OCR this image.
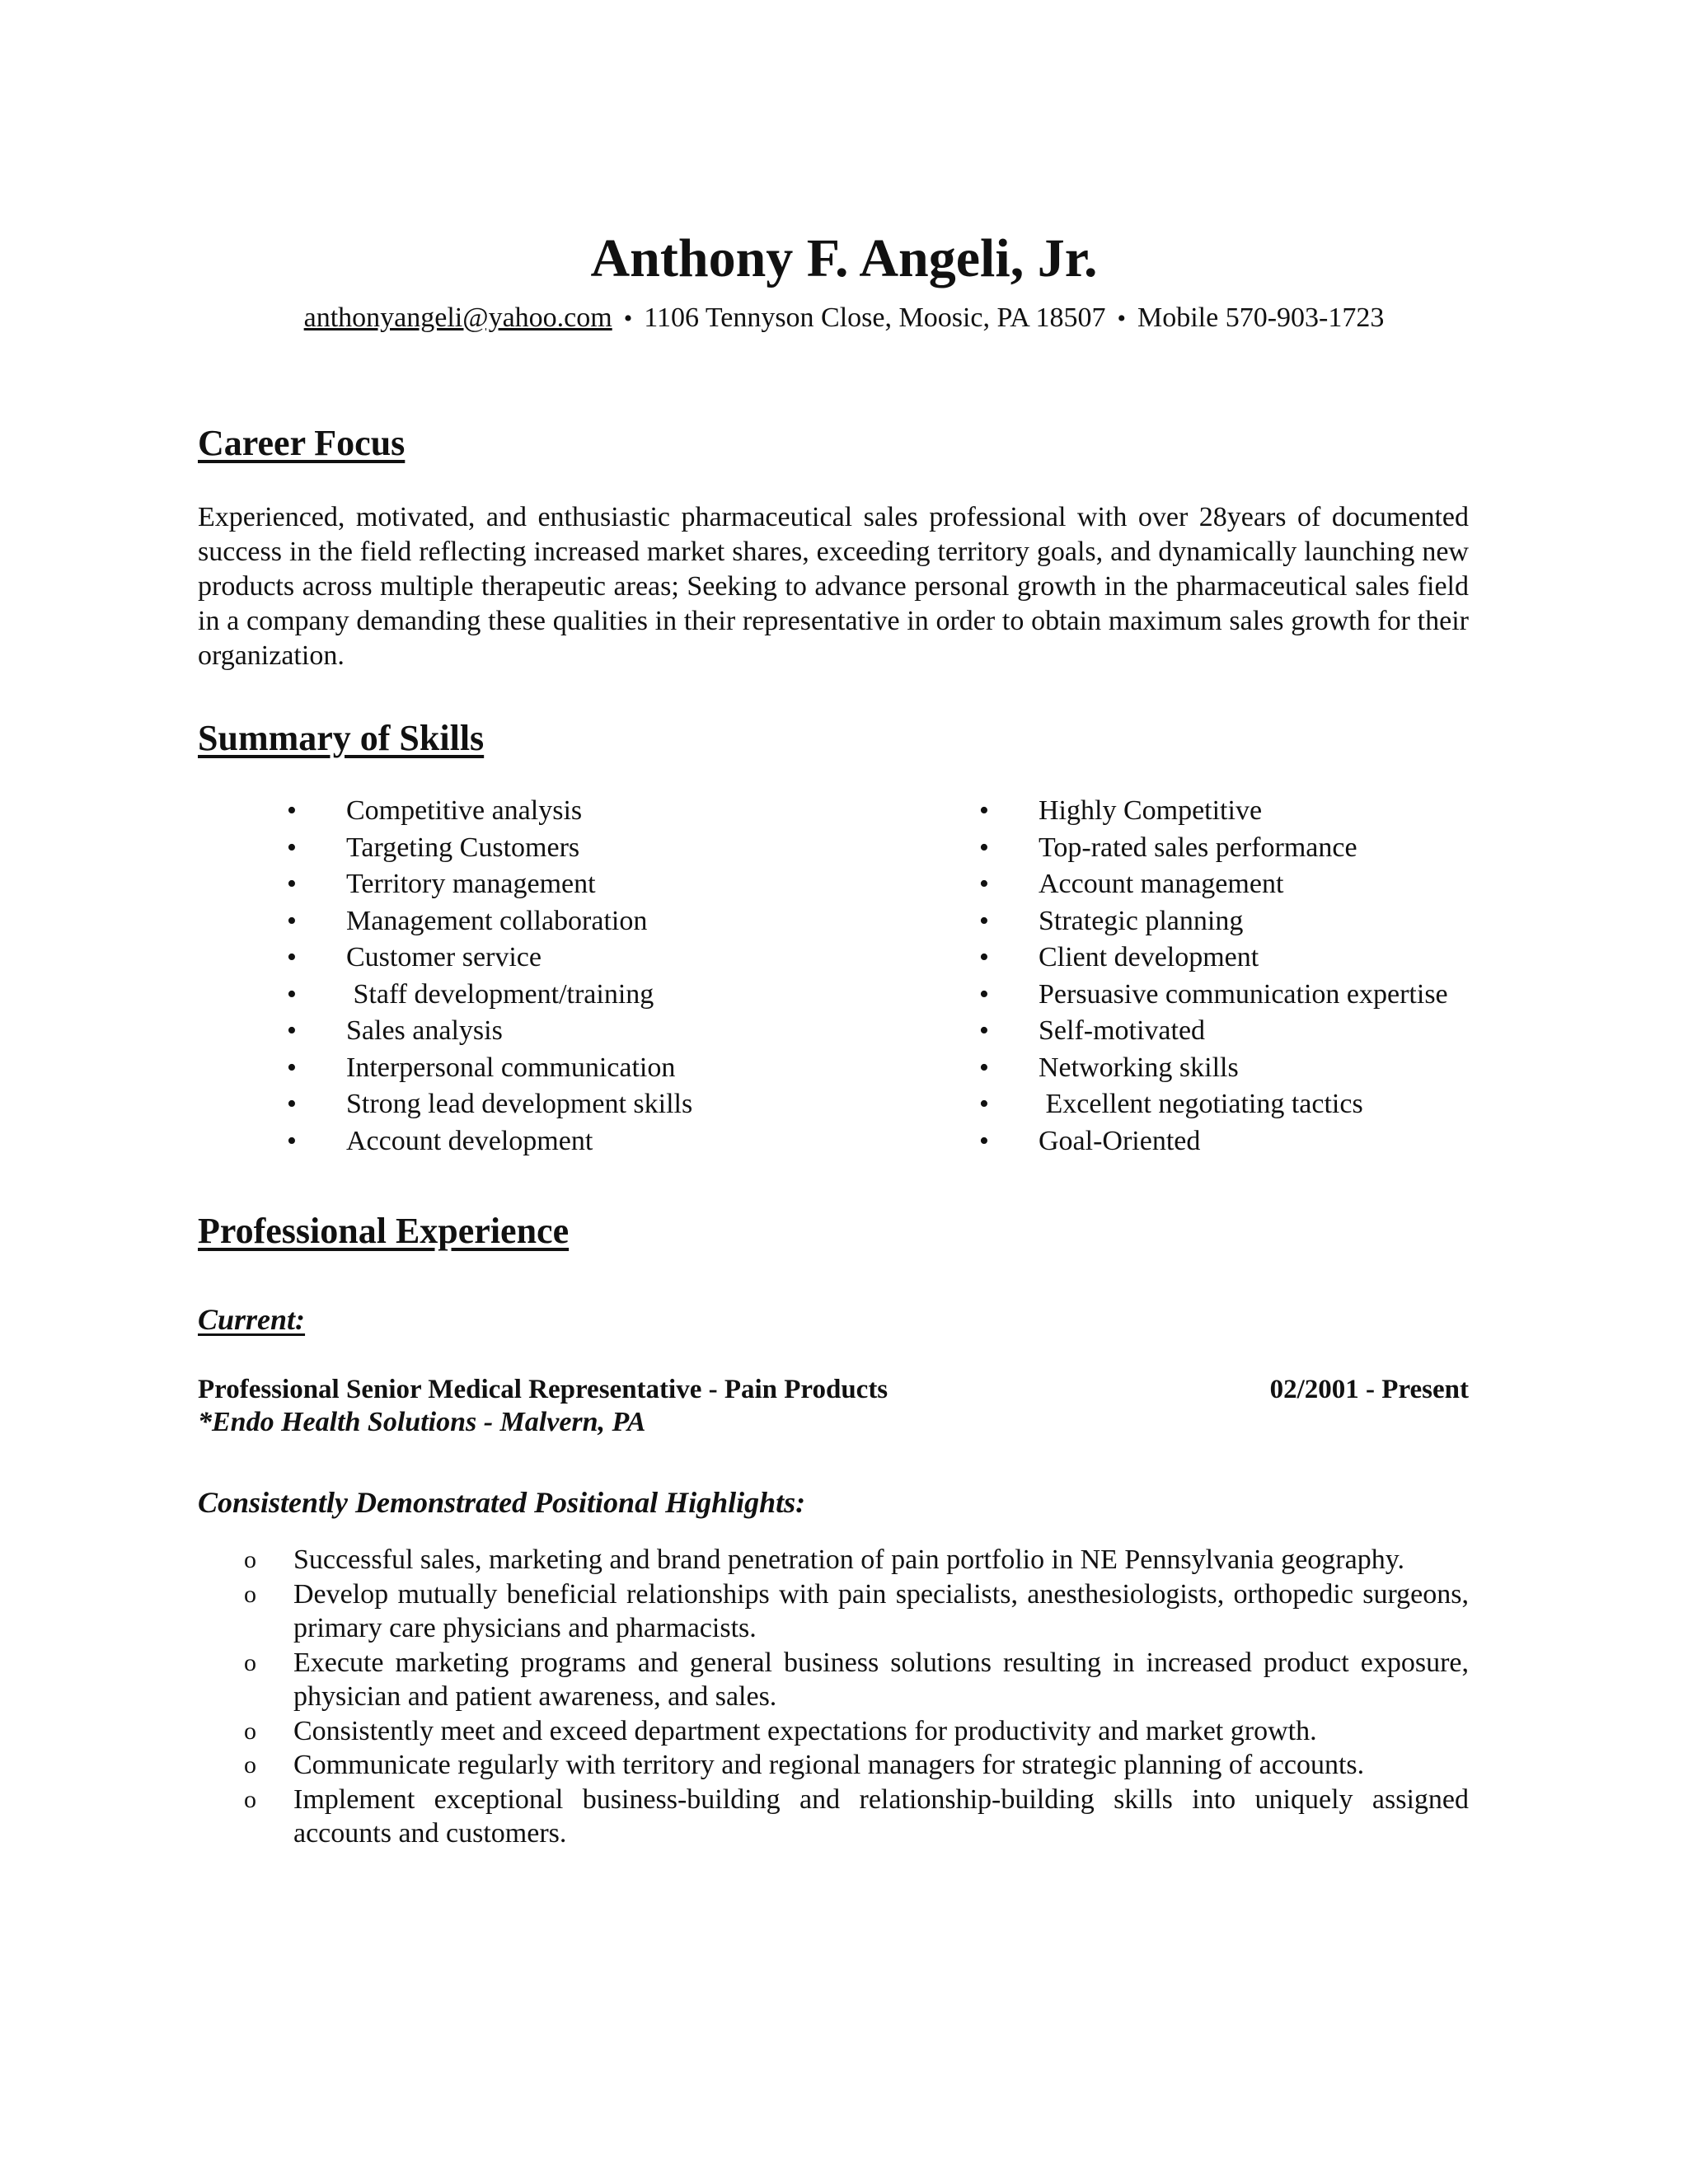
Anthony F. Angeli, Jr.
anthonyangeli@yahoo.com • 1106 Tennyson Close, Moosic, PA 18507 • Mobile 570-903-1723
Career Focus
Experienced, motivated, and enthusiastic pharmaceutical sales professional with over 28years of documented success in the field reflecting increased market shares, exceeding territory goals, and dynamically launching new products across multiple therapeutic areas; Seeking to advance personal growth in the pharmaceutical sales field in a company demanding these qualities in their representative in order to obtain maximum sales growth for their organization.
Summary of Skills
• Competitive analysis
• Targeting Customers
• Territory management
• Management collaboration
• Customer service
•  Staff development/training
• Sales analysis
• Interpersonal communication
• Strong lead development skills
• Account development
• Highly Competitive
• Top-rated sales performance
• Account management
• Strategic planning
• Client development
• Persuasive communication expertise
• Self-motivated
• Networking skills
•  Excellent negotiating tactics
• Goal-Oriented
Professional Experience
Current:
Professional Senior Medical Representative - Pain Products	02/2001 - Present
*Endo Health Solutions - Malvern, PA
Consistently Demonstrated Positional Highlights:
o Successful sales, marketing and brand penetration of pain portfolio in NE Pennsylvania geography.
o Develop mutually beneficial relationships with pain specialists, anesthesiologists, orthopedic surgeons, primary care physicians and pharmacists.
o Execute marketing programs and general business solutions resulting in increased product exposure, physician and patient awareness, and sales.
o Consistently meet and exceed department expectations for productivity and market growth.
o Communicate regularly with territory and regional managers for strategic planning of accounts.
o Implement exceptional business-building and relationship-building skills into uniquely assigned accounts and customers.
